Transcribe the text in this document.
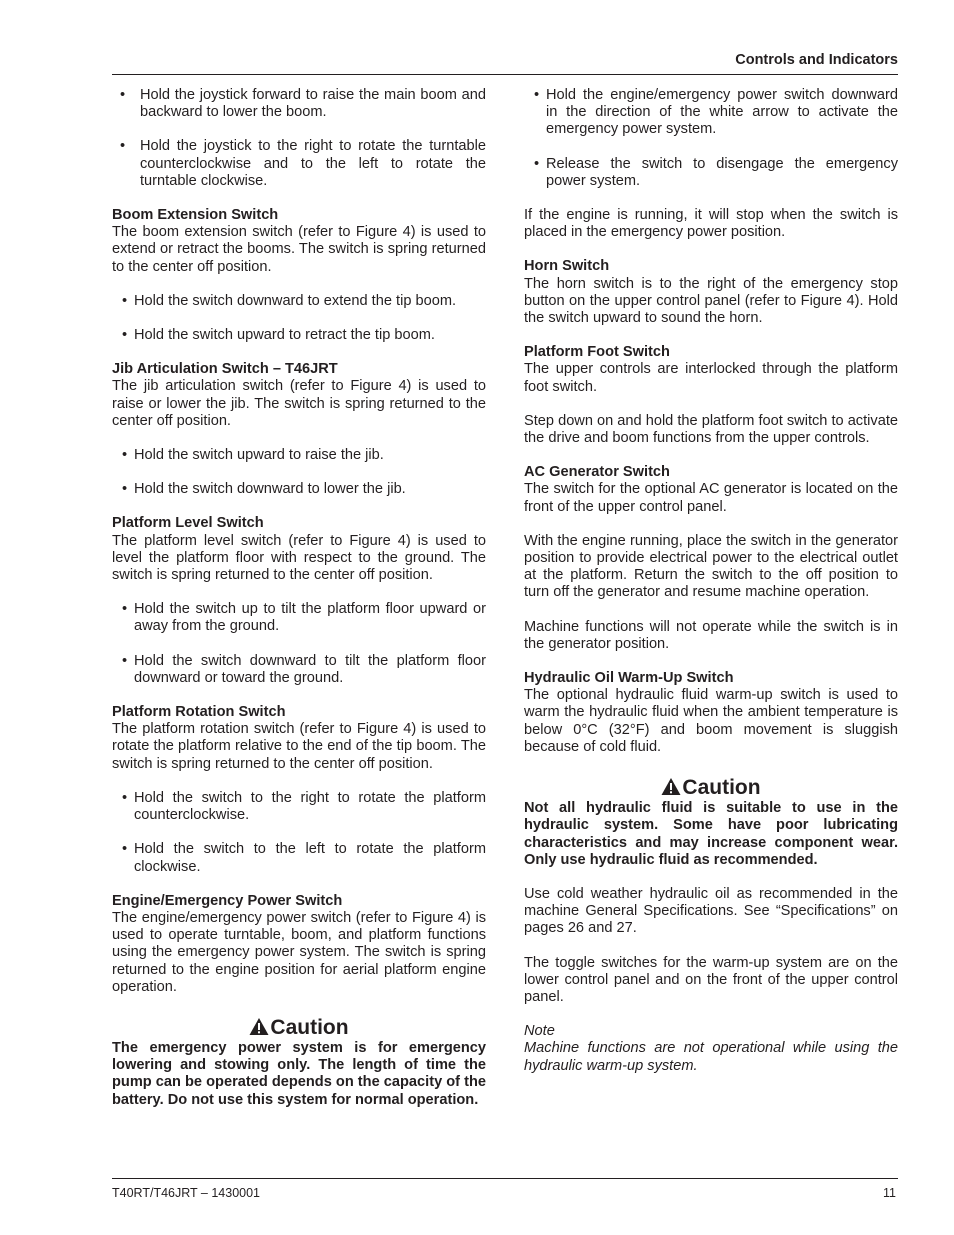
Controls and Indicators
• Hold the joystick forward to raise the main boom and backward to lower the boom.
• Hold the joystick to the right to rotate the turntable counterclockwise and to the left to rotate the turntable clockwise.

Boom Extension Switch
The boom extension switch (refer to Figure 4) is used to extend or retract the booms. The switch is spring returned to the center off position.

• Hold the switch downward to extend the tip boom.
• Hold the switch upward to retract the tip boom.

Jib Articulation Switch – T46JRT
The jib articulation switch (refer to Figure 4) is used to raise or lower the jib. The switch is spring returned to the center off position.

• Hold the switch upward to raise the jib.
• Hold the switch downward to lower the jib.

Platform Level Switch
The platform level switch (refer to Figure 4) is used to level the platform floor with respect to the ground. The switch is spring returned to the center off position.

• Hold the switch up to tilt the platform floor upward or away from the ground.
• Hold the switch downward to tilt the platform floor downward or toward the ground.

Platform Rotation Switch
The platform rotation switch (refer to Figure 4) is used to rotate the platform relative to the end of the tip boom. The switch is spring returned to the center off position.

• Hold the switch to the right to rotate the platform counterclockwise.
• Hold the switch to the left to rotate the platform clockwise.

Engine/Emergency Power Switch
The engine/emergency power switch (refer to Figure 4) is used to operate turntable, boom, and platform functions using the emergency power system. The switch is spring returned to the engine position for aerial platform engine operation.

Caution

The emergency power system is for emergency lowering and stowing only. The length of time the pump can be operated depends on the capacity of the battery. Do not use this system for normal operation.

• Hold the engine/emergency power switch downward in the direction of the white arrow to activate the emergency power system.
• Release the switch to disengage the emergency power system.

If the engine is running, it will stop when the switch is placed in the emergency power position.

Horn Switch
The horn switch is to the right of the emergency stop button on the upper control panel (refer to Figure 4). Hold the switch upward to sound the horn.

Platform Foot Switch
The upper controls are interlocked through the platform foot switch.

Step down on and hold the platform foot switch to activate the drive and boom functions from the upper controls.

AC Generator Switch
The switch for the optional AC generator is located on the front of the upper control panel.

With the engine running, place the switch in the generator position to provide electrical power to the electrical outlet at the platform. Return the switch to the off position to turn off the generator and resume machine operation.

Machine functions will not operate while the switch is in the generator position.

Hydraulic Oil Warm-Up Switch
The optional hydraulic fluid warm-up switch is used to warm the hydraulic fluid when the ambient temperature is below 0°C (32°F) and boom movement is sluggish because of cold fluid.

Caution

Not all hydraulic fluid is suitable to use in the hydraulic system. Some have poor lubricating characteristics and may increase component wear. Only use hydraulic fluid as recommended.

Use cold weather hydraulic oil as recommended in the machine General Specifications. See “Specifications” on pages 26 and 27.

The toggle switches for the warm-up system are on the lower control panel and on the front of the upper control panel.

Note
Machine functions are not operational while using the hydraulic warm-up system.

T40RT/T46JRT – 1430001	11
